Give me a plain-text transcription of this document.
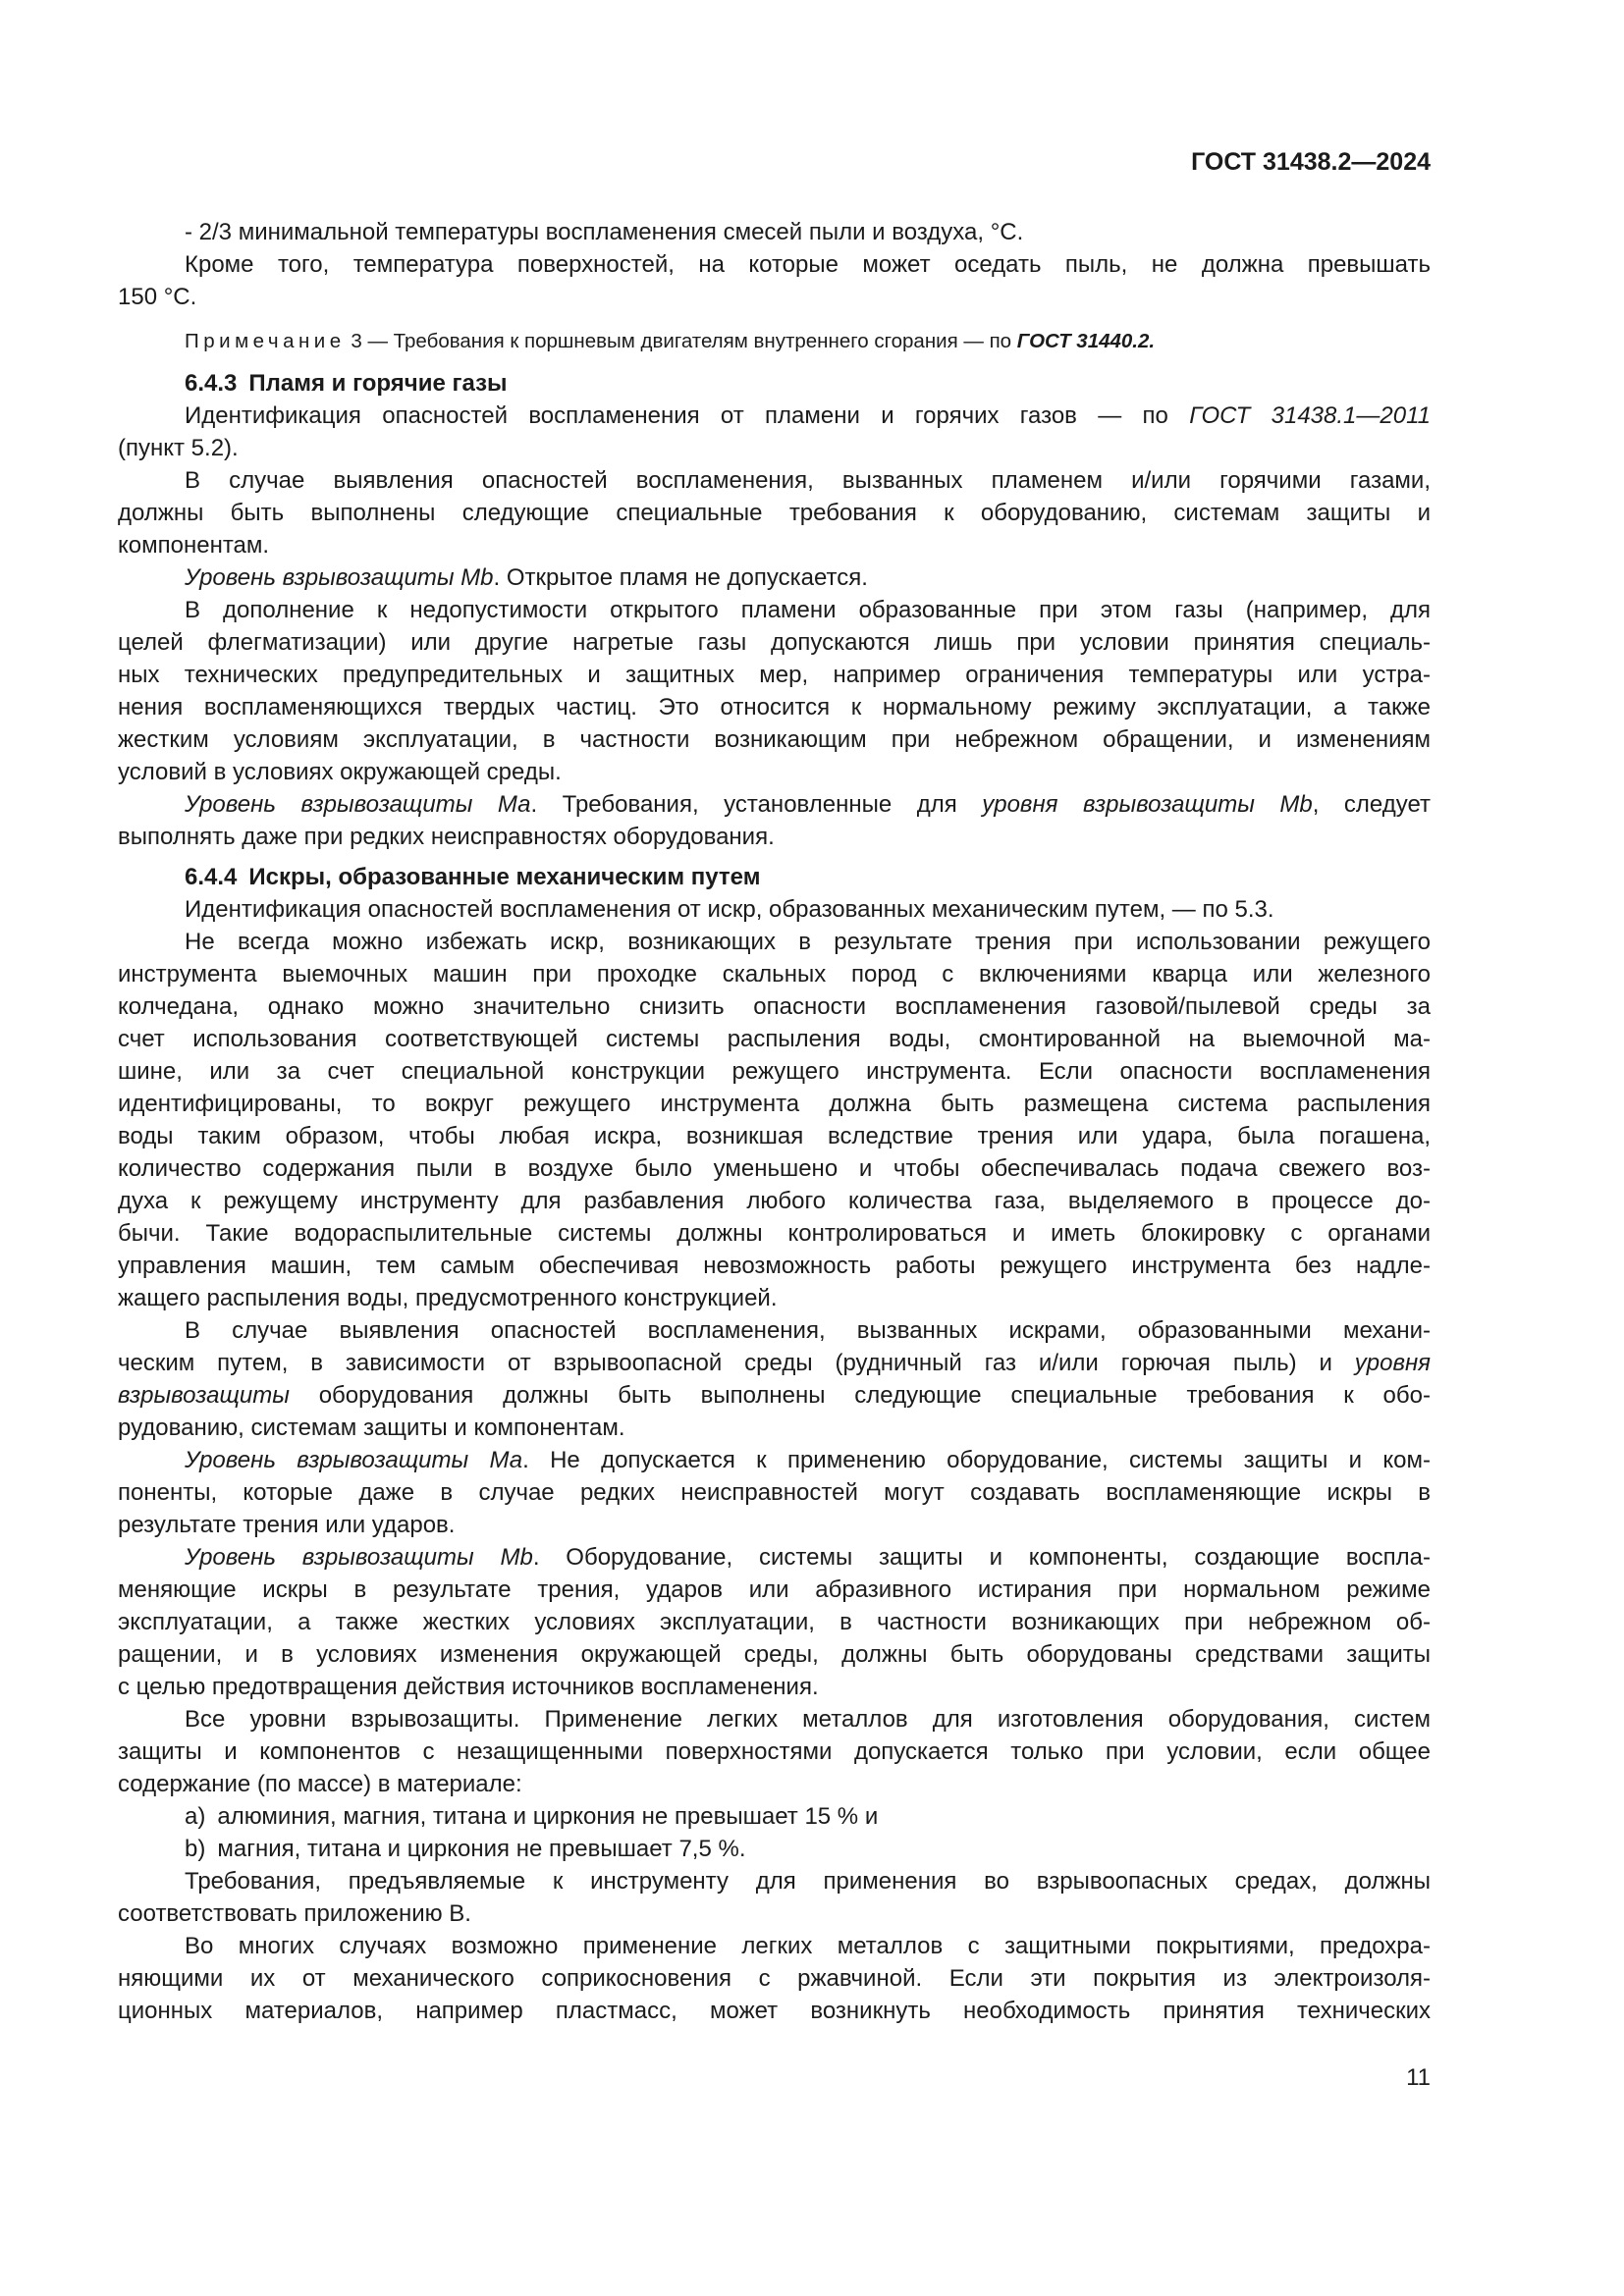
ГОСТ 31438.2—2024
- 2/3 минимальной температуры воспламенения смесей пыли и воздуха, °С.
Кроме того, температура поверхностей, на которые может оседать пыль, не должна превышать
150 °С.
Примечание 3 — Требования к поршневым двигателям внутреннего сгорания — по ГОСТ 31440.2.
6.4.3 Пламя и горячие газы
Идентификация опасностей воспламенения от пламени и горячих газов — по ГОСТ 31438.1—2011
(пункт 5.2).
В случае выявления опасностей воспламенения, вызванных пламенем и/или горячими газами,
должны быть выполнены следующие специальные требования к оборудованию, системам защиты и
компонентам.
Уровень взрывозащиты Mb. Открытое пламя не допускается.
В дополнение к недопустимости открытого пламени образованные при этом газы (например, для
целей флегматизации) или другие нагретые газы допускаются лишь при условии принятия специаль-
ных технических предупредительных и защитных мер, например ограничения температуры или устра-
нения воспламеняющихся твердых частиц. Это относится к нормальному режиму эксплуатации, а также
жестким условиям эксплуатации, в частности возникающим при небрежном обращении, и изменениям
условий в условиях окружающей среды.
Уровень взрывозащиты Ма. Требования, установленные для уровня взрывозащиты Mb, следует
выполнять даже при редких неисправностях оборудования.
6.4.4 Искры, образованные механическим путем
Идентификация опасностей воспламенения от искр, образованных механическим путем, — по 5.3.
Не всегда можно избежать искр, возникающих в результате трения при использовании режущего
инструмента выемочных машин при проходке скальных пород с включениями кварца или железного
колчедана, однако можно значительно снизить опасности воспламенения газовой/пылевой среды за
счет использования соответствующей системы распыления воды, смонтированной на выемочной ма-
шине, или за счет специальной конструкции режущего инструмента. Если опасности воспламенения
идентифицированы, то вокруг режущего инструмента должна быть размещена система распыления
воды таким образом, чтобы любая искра, возникшая вследствие трения или удара, была погашена,
количество содержания пыли в воздухе было уменьшено и чтобы обеспечивалась подача свежего воз-
духа к режущему инструменту для разбавления любого количества газа, выделяемого в процессе до-
бычи. Такие водораспылительные системы должны контролироваться и иметь блокировку с органами
управления машин, тем самым обеспечивая невозможность работы режущего инструмента без надле-
жащего распыления воды, предусмотренного конструкцией.
В случае выявления опасностей воспламенения, вызванных искрами, образованными механи-
ческим путем, в зависимости от взрывоопасной среды (рудничный газ и/или горючая пыль) и уровня
взрывозащиты оборудования должны быть выполнены следующие специальные требования к обо-
рудованию, системам защиты и компонентам.
Уровень взрывозащиты Ма. Не допускается к применению оборудование, системы защиты и ком-
поненты, которые даже в случае редких неисправностей могут создавать воспламеняющие искры в
результате трения или ударов.
Уровень взрывозащиты Mb. Оборудование, системы защиты и компоненты, создающие воспла-
меняющие искры в результате трения, ударов или абразивного истирания при нормальном режиме
эксплуатации, а также жестких условиях эксплуатации, в частности возникающих при небрежном об-
ращении, и в условиях изменения окружающей среды, должны быть оборудованы средствами защиты
с целью предотвращения действия источников воспламенения.
Все уровни взрывозащиты. Применение легких металлов для изготовления оборудования, систем
защиты и компонентов с незащищенными поверхностями допускается только при условии, если общее
содержание (по массе) в материале:
a) алюминия, магния, титана и циркония не превышает 15 % и
b) магния, титана и циркония не превышает 7,5 %.
Требования, предъявляемые к инструменту для применения во взрывоопасных средах, должны
соответствовать приложению В.
Во многих случаях возможно применение легких металлов с защитными покрытиями, предохра-
няющими их от механического соприкосновения с ржавчиной. Если эти покрытия из электроизоля-
ционных материалов, например пластмасс, может возникнуть необходимость принятия технических
11
